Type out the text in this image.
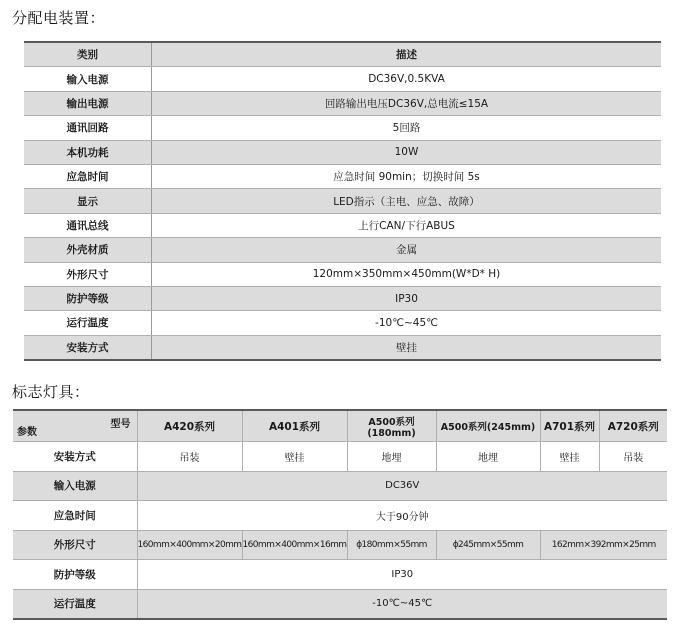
分配电装置：
类别	描述
输入电源	DC36V,0.5KVA
输出电源	回路输出电压DC36V,总电流≤15A
通讯回路	5回路
本机功耗	10W
应急时间	应急时间 90min；切换时间 5s
显示	LED指示（主电、应急、故障）
通讯总线	上行CAN/下行ABUS
外壳材质	金属
外形尺寸	120mm×350mm×450mm(W*D* H)
防护等级	IP30
运行温度	-10℃~45℃
安装方式	壁挂
标志灯具：
型号
参数	A420系列	A401系列	A500系列(180mm)	A500系列(245mm)	A701系列	A720系列
安装方式	吊装	壁挂	地埋	地埋	壁挂	吊装
输入电源	DC36V					
应急时间	大于90分钟					
外形尺寸	160mm×400mm×20mm	160mm×400mm×16mm	ϕ180mm×55mm	ϕ245mm×55mm	162mm×392mm×25mm	
防护等级	IP30					
运行温度	-10℃~45℃					
